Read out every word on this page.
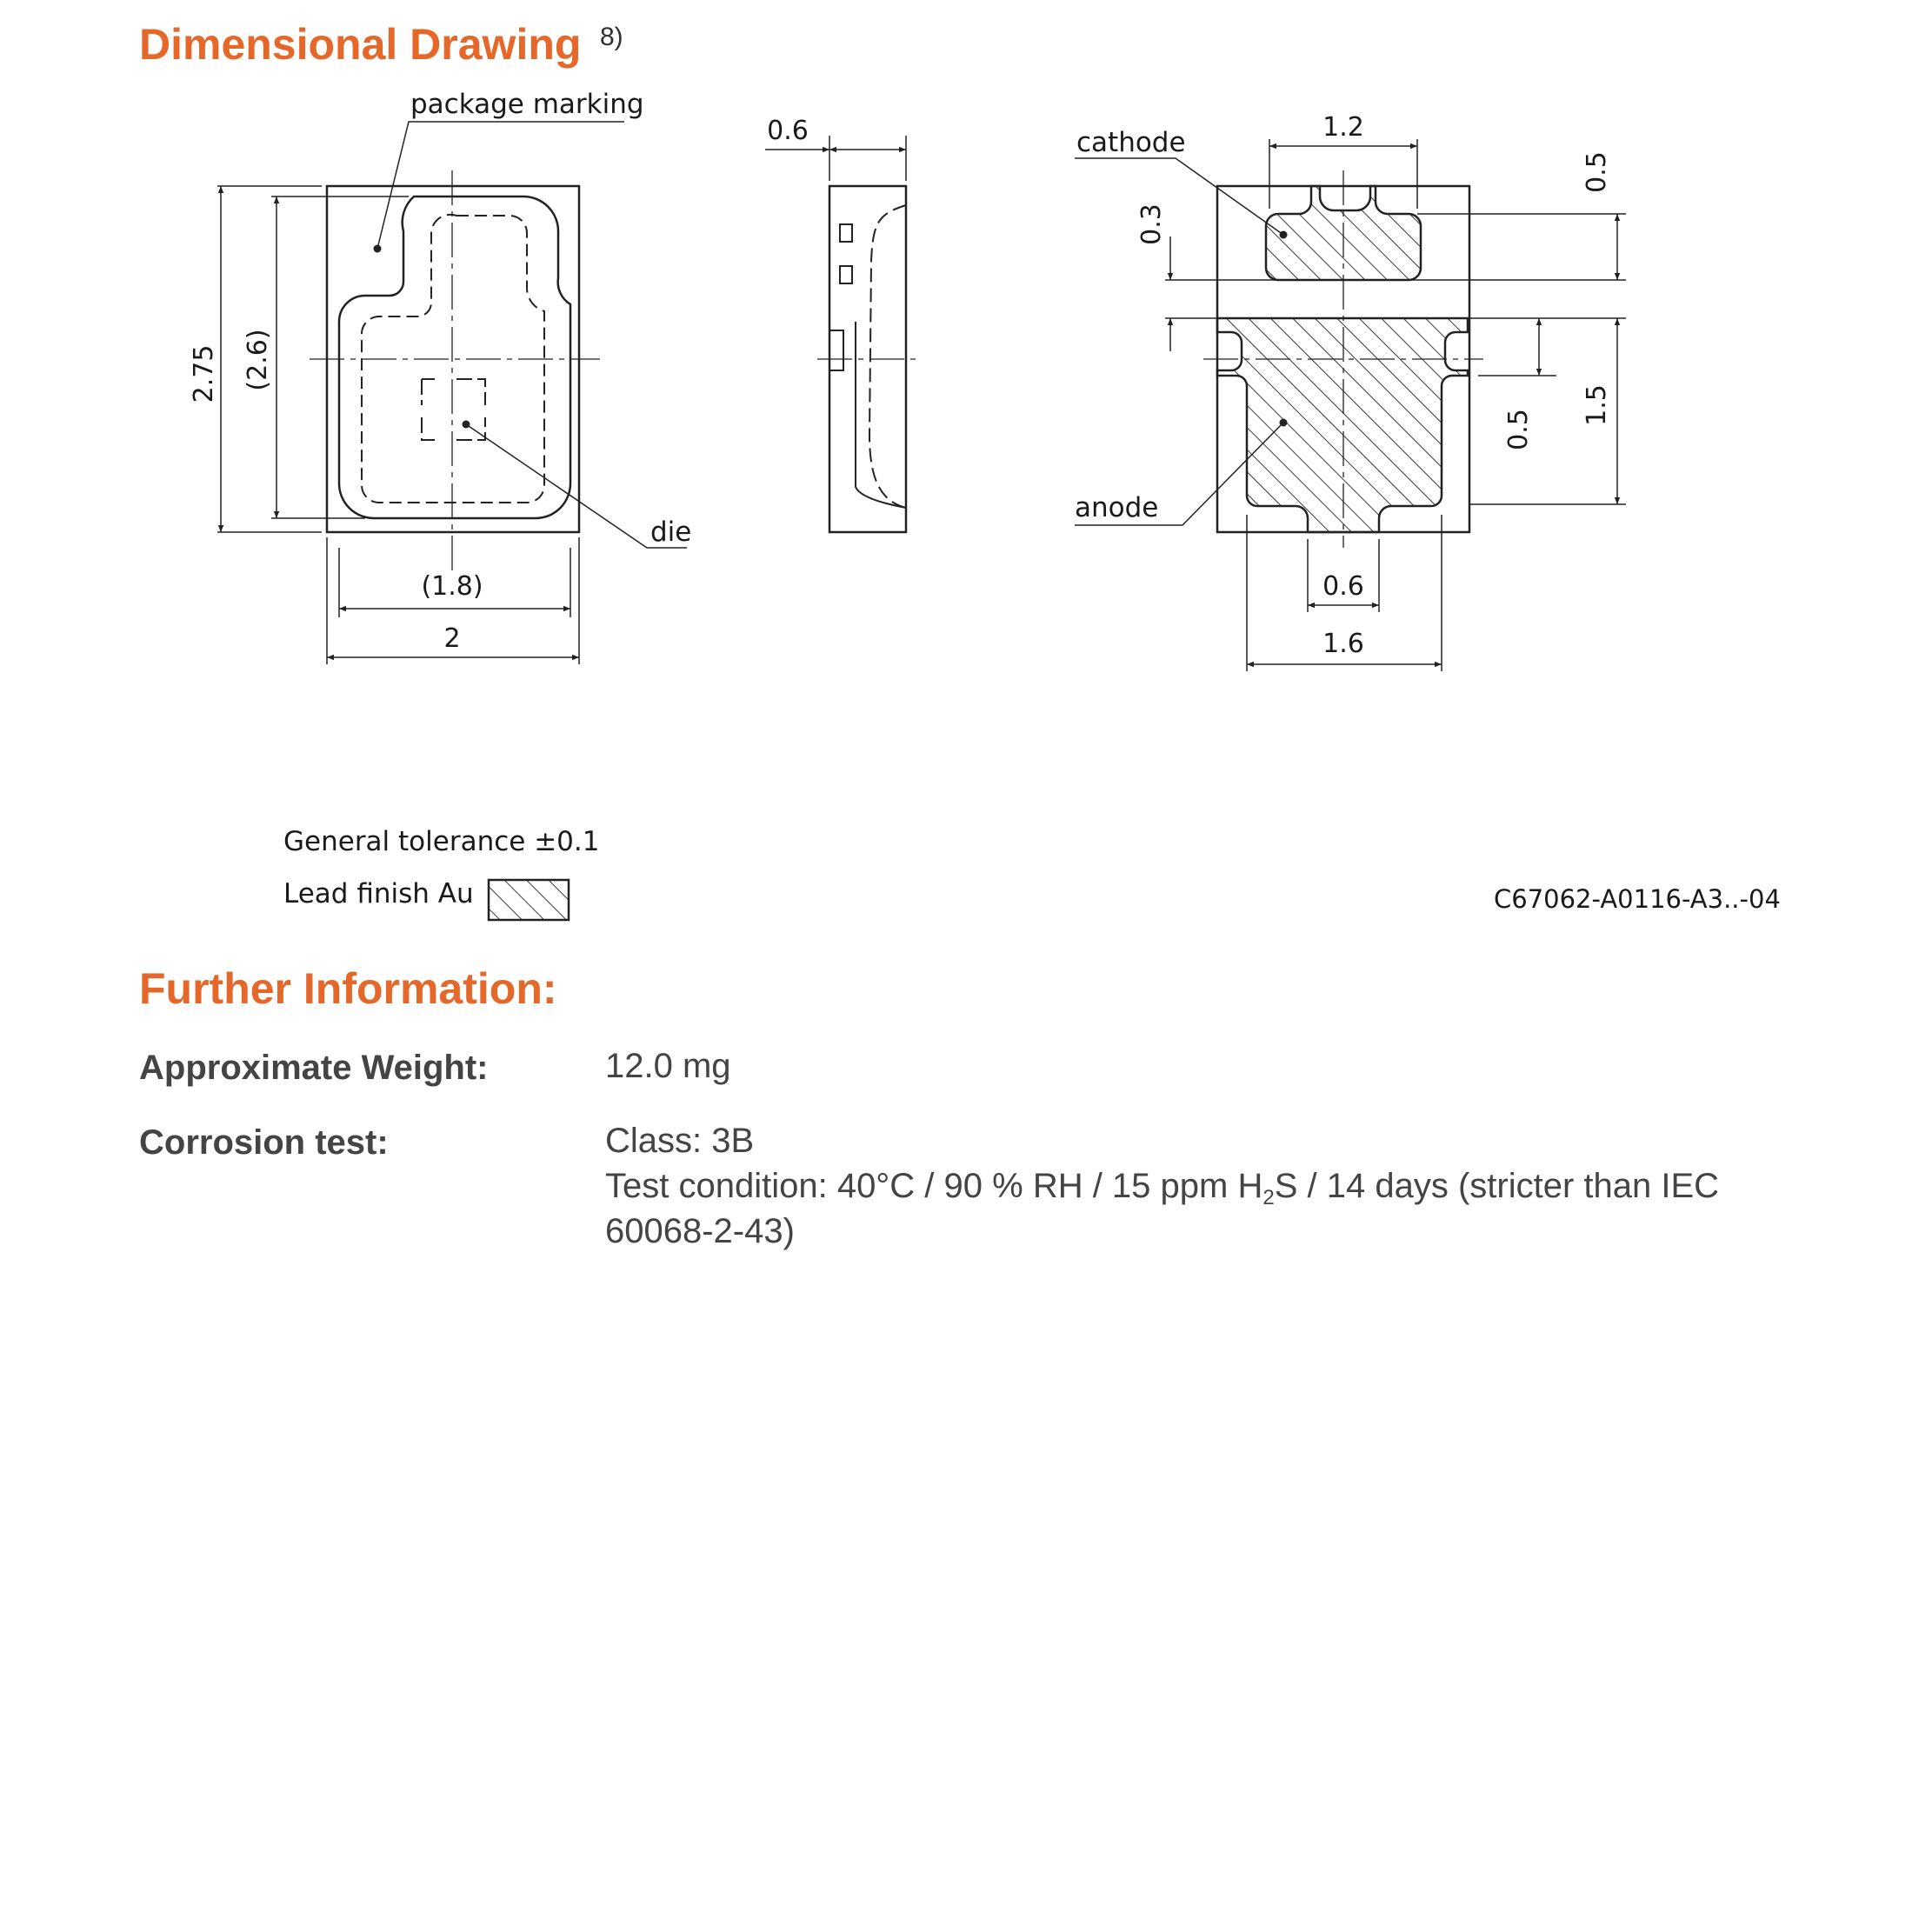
Dimensional Drawing 8)
package marking
die
cathode
anode
2.75 (2.6)
(1.8)
2
0.6	1.2
0.5
0.3
1.5
0.5
0.6
1.6
General tolerance ±0.1
Lead finish Au	C67062-A0116-A3..-04
Further Information:
Approximate Weight:	12.0 mg
Corrosion test:	Class: 3B
Test condition: 40°C / 90 % RH / 15 ppm $H_2S / 14$ days (stricter than IEC
60068-2-43)
